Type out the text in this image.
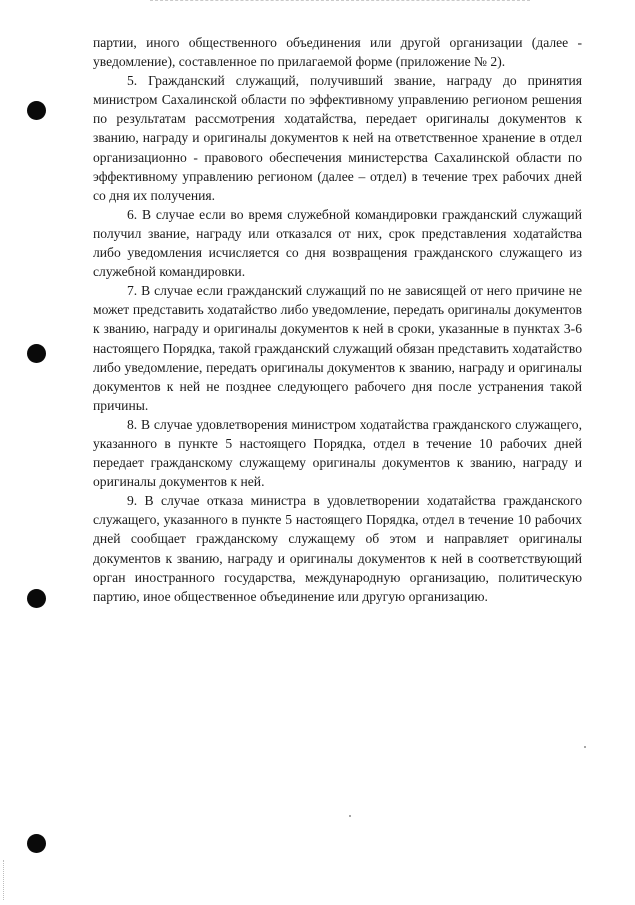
партии, иного общественного объединения или другой организации (далее - уведомление), составленное по прилагаемой форме (приложение № 2).

5. Гражданский служащий, получивший звание, награду до принятия министром Сахалинской области по эффективному управлению регионом решения по результатам рассмотрения ходатайства, передает оригиналы документов к званию, награду и оригиналы документов к ней на ответственное хранение в отдел организационно - правового обеспечения министерства Сахалинской области по эффективному управлению регионом (далее – отдел) в течение трех рабочих дней со дня их получения.

6. В случае если во время служебной командировки гражданский служащий получил звание, награду или отказался от них, срок представления ходатайства либо уведомления исчисляется со дня возвращения гражданского служащего из служебной командировки.

7. В случае если гражданский служащий по не зависящей от него причине не может представить ходатайство либо уведомление, передать оригиналы документов к званию, награду и оригиналы документов к ней в сроки, указанные в пунктах 3-6 настоящего Порядка, такой гражданский служащий обязан представить ходатайство либо уведомление, передать оригиналы документов к званию, награду и оригиналы документов к ней не позднее следующего рабочего дня после устранения такой причины.

8. В случае удовлетворения министром ходатайства гражданского служащего, указанного в пункте 5 настоящего Порядка, отдел в течение 10 рабочих дней передает гражданскому служащему оригиналы документов к званию, награду и оригиналы документов к ней.

9. В случае отказа министра в удовлетворении ходатайства гражданского служащего, указанного в пункте 5 настоящего Порядка, отдел в течение 10 рабочих дней сообщает гражданскому служащему об этом и направляет оригиналы документов к званию, награду и оригиналы документов к ней в соответствующий орган иностранного государства, международную организацию, политическую партию, иное общественное объединение или другую организацию.
